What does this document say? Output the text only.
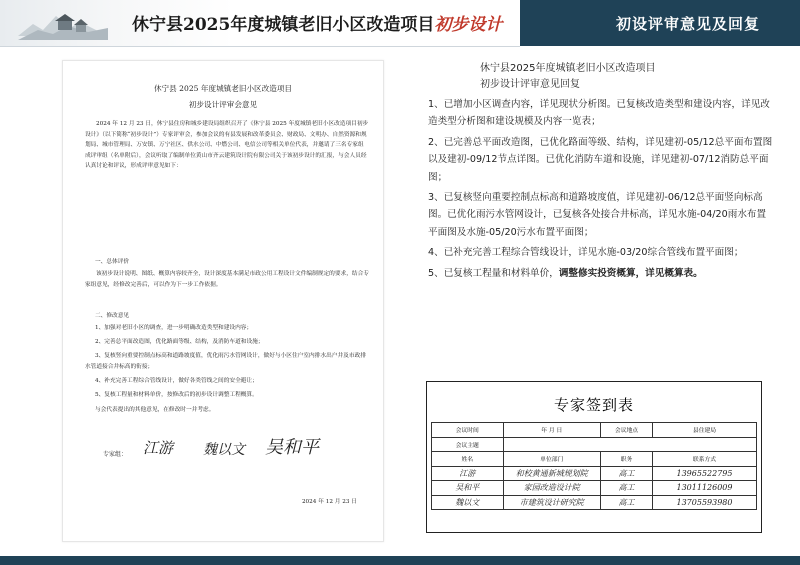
休宁县2025年度城镇老旧小区改造项目初步设计	初设评审意见及回复
休宁县 2025 年度城镇老旧小区改造项目
初步设计评审会意见

2024 年 12 月 23 日，休宁县住房和城乡建设局组织召开了《休宁县 2025 年度城镇老旧小区改造项目初步设计》（以下简称“初步设计”）专家评审会，参加会议的有县发展和改革委员会、财政局、文明办、自然资源和规划局、城市管理局、万安镇、万宁社区、供水公司、中燃公司、电信公司等相关单位代表，并邀请了三名专家组成评审组（名单附后），会议听取了编制单位黄山市齐云建筑设计院有限公司关于该初步设计的汇报，与会人员经认真讨论和评议，形成评审意见如下：

一、总体评价

该初步设计说明、图纸、概算内容较齐全，设计深度基本满足市政公用工程设计文件编制规定的要求，结合专家组意见，经修改完善后，可以作为下一步工作依据。

二、修改意见

1、加强对老旧小区的调查，进一步明确改造类型和建设内容；

2、完善总平面改造图，优化路面等级、结构，及消防车道和设施；

3、复核竖向重要控制点标高和道路坡度值，优化雨污水管网设计，做好与小区住户室内排水出户井及市政排水管道接合井标高的衔接；

4、补充完善工程综合管线设计，做好各类管线之间的安全避让；

5、复核工程量和材料单价，按修改后的初步设计调整工程概算。

与会代表提出的其他意见，在修改时一并考虑。

专家组： 江游 魏以文 吴和平
2024 年 12 月 23 日
休宁县2025年度城镇老旧小区改造项目
初步设计评审意见回复
1、已增加小区调查内容，详见现状分析图。已复核改造类型和建设内容，详见改造类型分析图和建设规模及内容一览表；
2、已完善总平面改造图，已优化路面等级、结构，详见建初-05/12总平面布置图以及建初-09/12节点详图。已优化消防车道和设施，详见建初-07/12消防总平面图；
3、已复核竖向重要控制点标高和道路坡度值，详见建初-06/12总平面竖向标高图。已优化雨污水管网设计，已复核各处接合井标高，详见水施-04/20雨水布置平面图及水施-05/20污水布置平面图；
4、已补充完善工程综合管线设计，详见水施-03/20综合管线布置平面图；
5、已复核工程量和材料单价，调整修实投资概算，详见概算表。
专家签到表
会议时间	年 月 日	会议地点	县住建局
会议主题			
姓名	单位部门	职务	联系方式
江游	和校黄通新城规划院	高工	13965522795
吴和平	家园改造设计院	高工	13011126009
魏以文	市建筑设计研究院	高工	13705593980
